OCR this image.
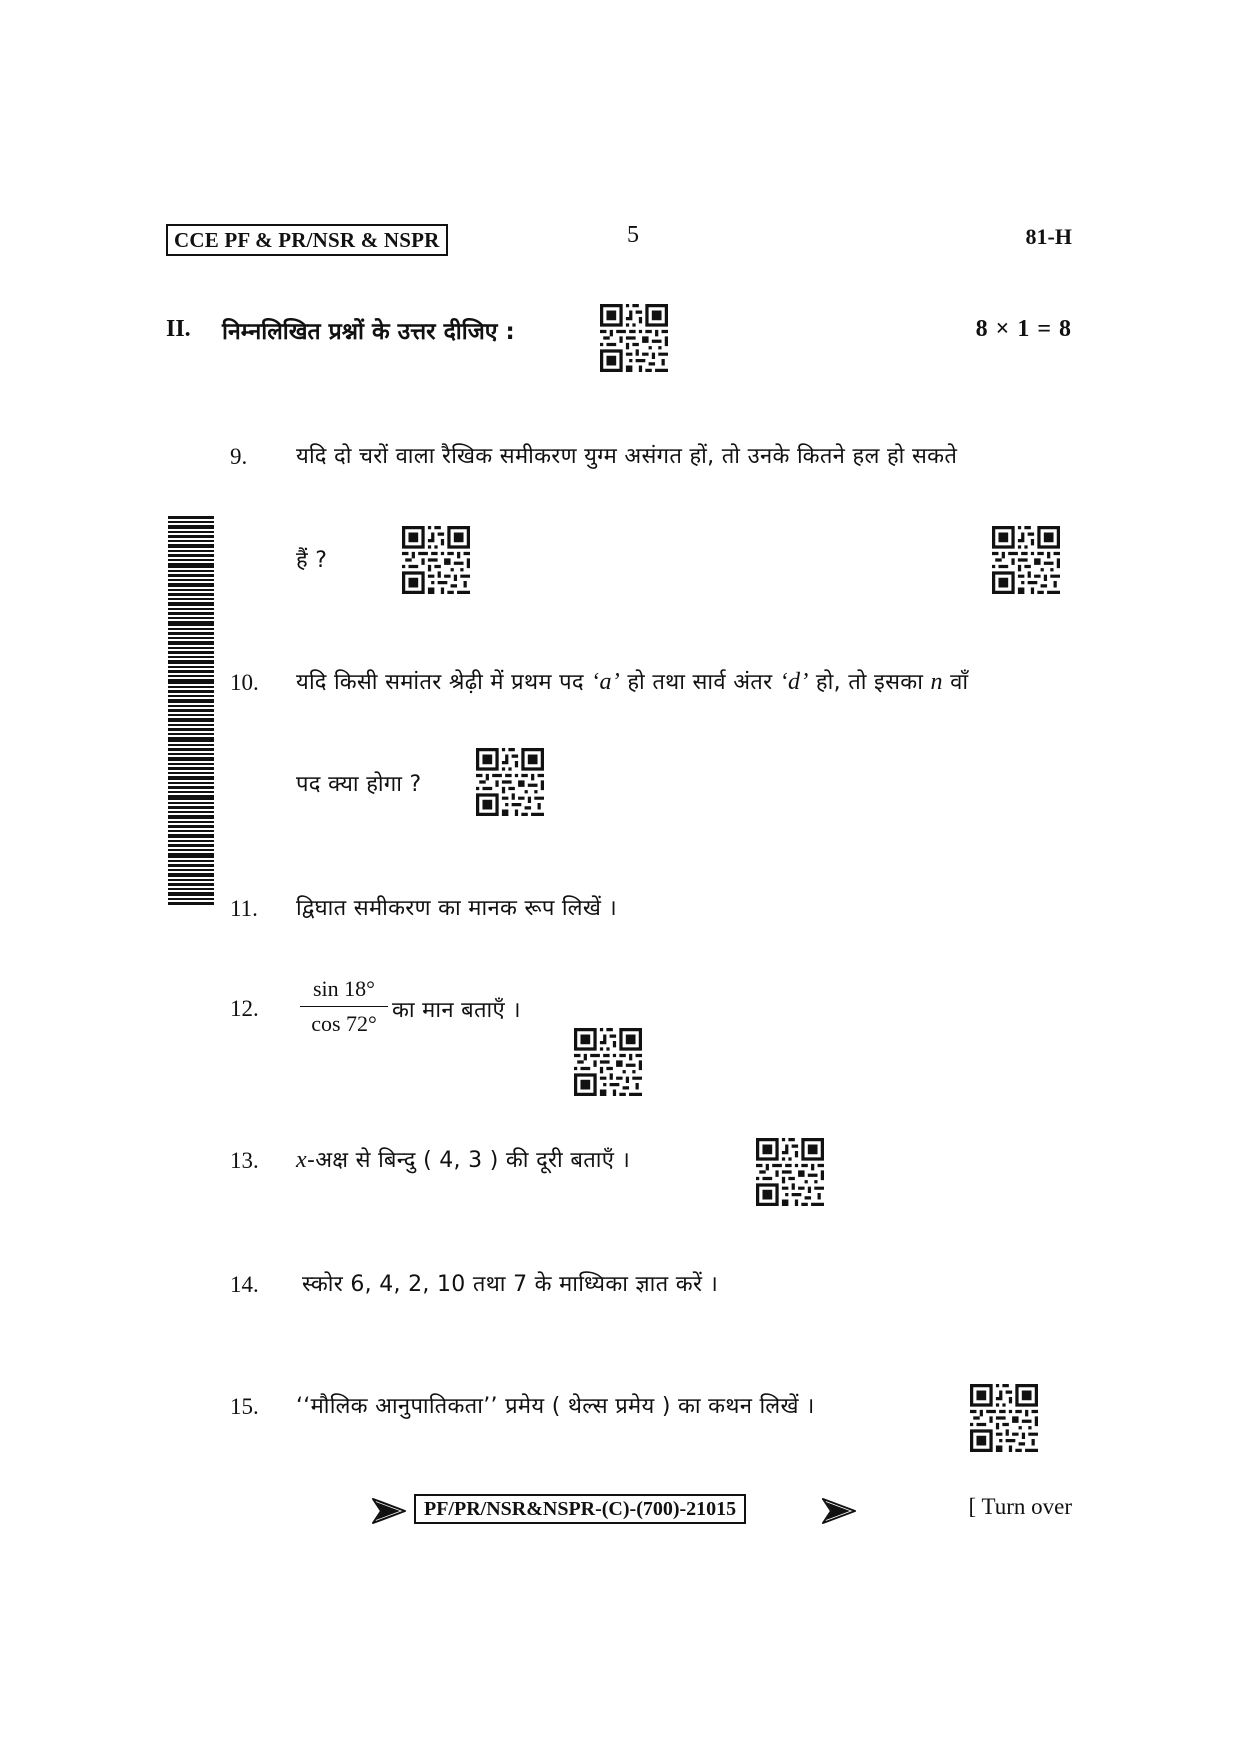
CCE PF & PR/NSR & NSPR	5	81-H
II. निम्नलिखित प्रश्नों के उत्तर दीजिए :	8 × 1 = 8
9. यदि दो चरों वाला रैखिक समीकरण युग्म असंगत हों, तो उनके कितने हल हो सकते
हैं ?
10. यदि किसी समांतर श्रेढ़ी में प्रथम पद ‘a’ हो तथा सार्व अंतर ‘d’ हो, तो इसका n वाँ
पद क्या होगा ?
11. द्विघात समीकरण का मानक रूप लिखें ।
12. $\frac{\sin 18^\circ}{\cos 72^\circ}$ का मान बताएँ ।
13. x-अक्ष से बिन्दु ( 4, 3 ) की दूरी बताएँ ।
14. स्कोर 6, 4, 2, 10 तथा 7 के माध्यिका ज्ञात करें ।
15. ‘‘मौलिक आनुपातिकता’’ प्रमेय ( थेल्स प्रमेय ) का कथन लिखें ।
PF/PR/NSR&NSPR-(C)-(700)-21015	[ Turn over
